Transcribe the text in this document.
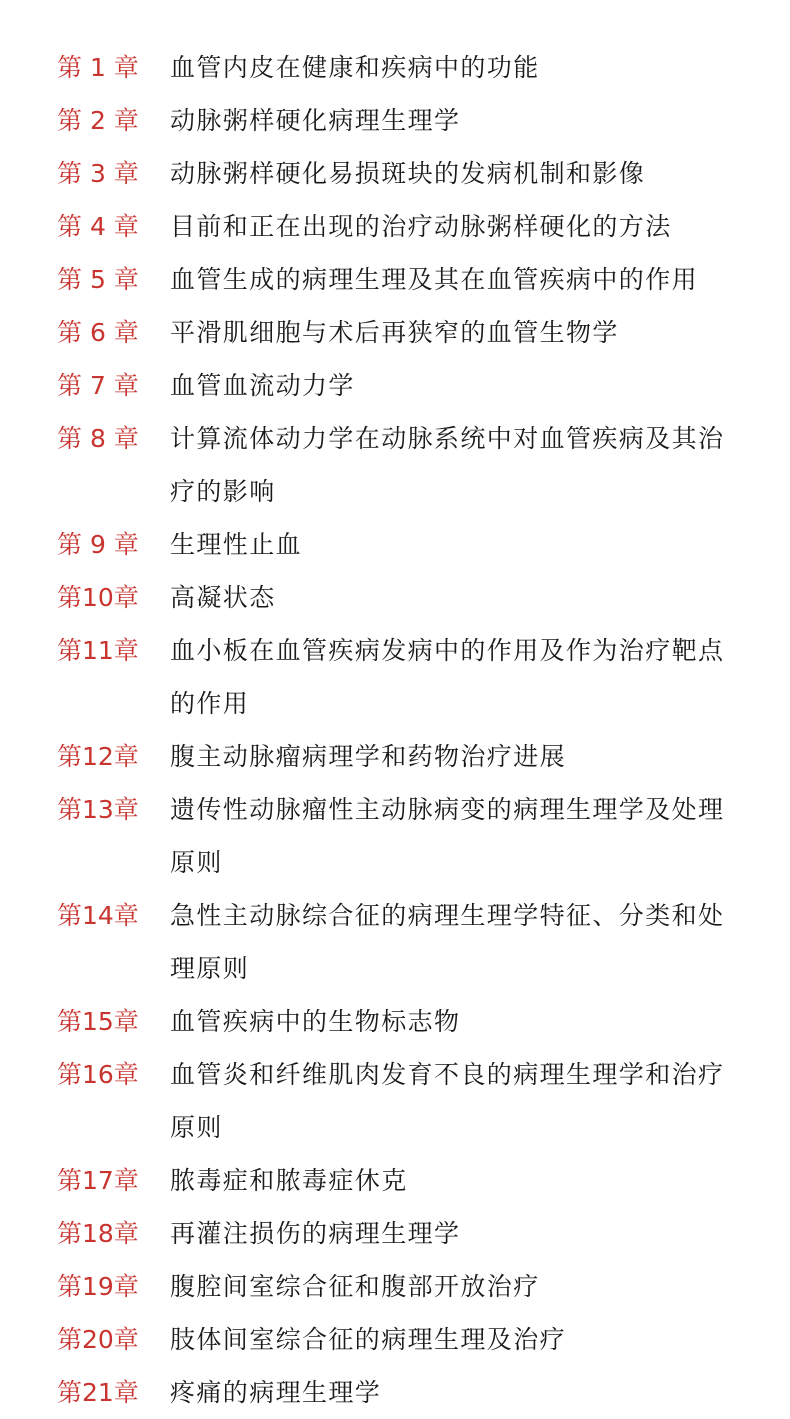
第 1 章	血管内皮在健康和疾病中的功能
第 2 章	动脉粥样硬化病理生理学
第 3 章	动脉粥样硬化易损斑块的发病机制和影像
第 4 章	目前和正在出现的治疗动脉粥样硬化的方法
第 5 章	血管生成的病理生理及其在血管疾病中的作用
第 6 章	平滑肌细胞与术后再狭窄的血管生物学
第 7 章	血管血流动力学
第 8 章	计算流体动力学在动脉系统中对血管疾病及其治疗的影响
第 9 章	生理性止血
第10章	高凝状态
第11章	血小板在血管疾病发病中的作用及作为治疗靶点的作用
第12章	腹主动脉瘤病理学和药物治疗进展
第13章	遗传性动脉瘤性主动脉病变的病理生理学及处理原则
第14章	急性主动脉综合征的病理生理学特征、分类和处理原则
第15章	血管疾病中的生物标志物
第16章	血管炎和纤维肌肉发育不良的病理生理学和治疗原则
第17章	脓毒症和脓毒症休克
第18章	再灌注损伤的病理生理学
第19章	腹腔间室综合征和腹部开放治疗
第20章	肢体间室综合征的病理生理及治疗
第21章	疼痛的病理生理学
